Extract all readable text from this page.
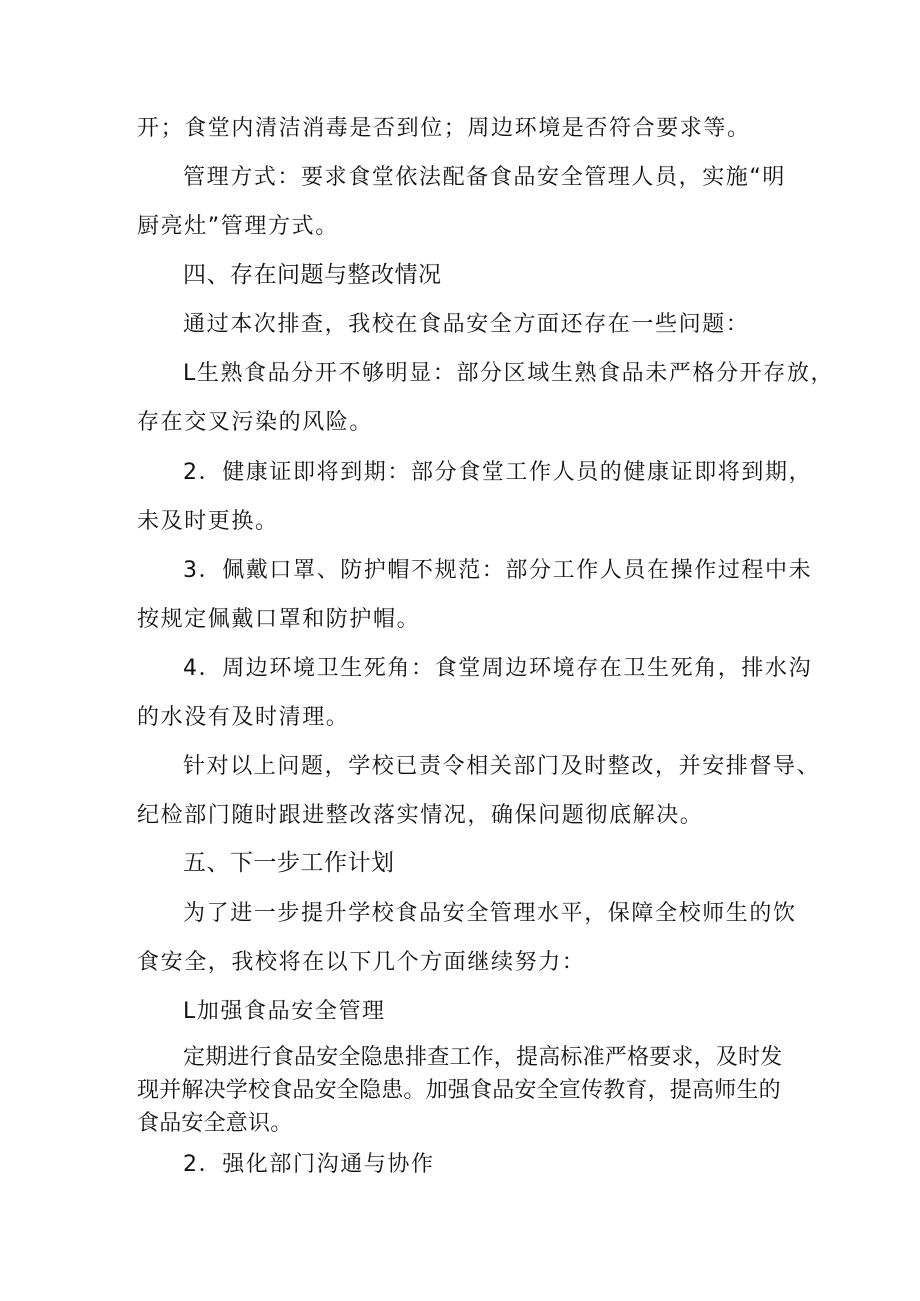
开；食堂内清洁消毒是否到位；周边环境是否符合要求等。
管理方式：要求食堂依法配备食品安全管理人员，实施“明
厨亮灶”管理方式。
四、存在问题与整改情况
通过本次排查，我校在食品安全方面还存在一些问题：
L生熟食品分开不够明显：部分区域生熟食品未严格分开存放，
存在交叉污染的风险。
2．健康证即将到期：部分食堂工作人员的健康证即将到期，
未及时更换。
3．佩戴口罩、防护帽不规范：部分工作人员在操作过程中未
按规定佩戴口罩和防护帽。
4．周边环境卫生死角：食堂周边环境存在卫生死角，排水沟
的水没有及时清理。
针对以上问题，学校已责令相关部门及时整改，并安排督导、
纪检部门随时跟进整改落实情况，确保问题彻底解决。
五、下一步工作计划
为了进一步提升学校食品安全管理水平，保障全校师生的饮
食安全，我校将在以下几个方面继续努力：
L加强食品安全管理
定期进行食品安全隐患排查工作，提高标准严格要求，及时发
现并解决学校食品安全隐患。加强食品安全宣传教育，提高师生的
食品安全意识。
2．强化部门沟通与协作
